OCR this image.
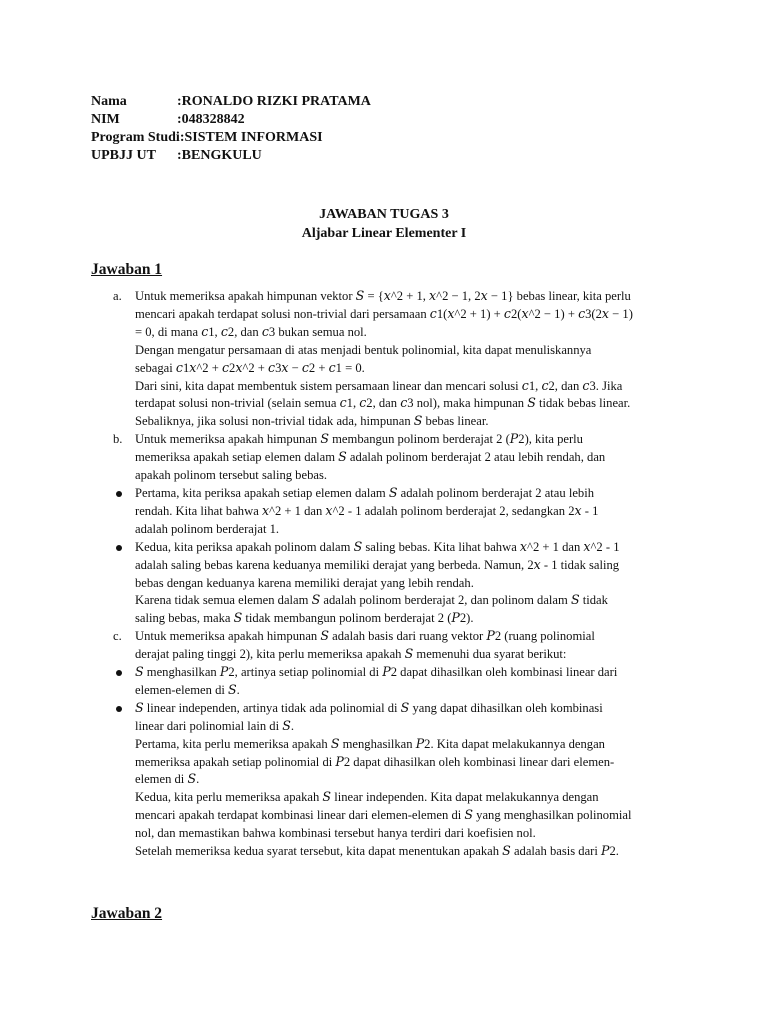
Nama	:RONALDO RIZKI PRATAMA
NIM	:048328842
Program Studi :SISTEM INFORMASI
UPBJJ UT	:BENGKULU
JAWABAN TUGAS 3
Aljabar Linear Elementer I
Jawaban 1
a.	Untuk memeriksa apakah himpunan vektor 𝑆 = {𝑥^2 + 1, 𝑥^2 − 1, 2𝑥 − 1} bebas linear, kita perlu
mencari apakah terdapat solusi non-trivial dari persamaan 𝑐1(𝑥^2 + 1) + 𝑐2(𝑥^2 − 1) + 𝑐3(2𝑥 − 1)
= 0, di mana 𝑐1, 𝑐2, dan 𝑐3 bukan semua nol.
Dengan mengatur persamaan di atas menjadi bentuk polinomial, kita dapat menuliskannya
sebagai 𝑐1𝑥^2 + 𝑐2𝑥^2 + 𝑐3𝑥 − 𝑐2 + 𝑐1 = 0.
Dari sini, kita dapat membentuk sistem persamaan linear dan mencari solusi 𝑐1, 𝑐2, dan 𝑐3. Jika
terdapat solusi non-trivial (selain semua 𝑐1, 𝑐2, dan 𝑐3 nol), maka himpunan 𝑆 tidak bebas linear.
Sebaliknya, jika solusi non-trivial tidak ada, himpunan 𝑆 bebas linear.
b. Untuk memeriksa apakah himpunan 𝑆 membangun polinom berderajat 2 (𝑃2), kita perlu
memeriksa apakah setiap elemen dalam 𝑆 adalah polinom berderajat 2 atau lebih rendah, dan
apakah polinom tersebut saling bebas.
Pertama, kita periksa apakah setiap elemen dalam 𝑆 adalah polinom berderajat 2 atau lebih
rendah. Kita lihat bahwa 𝑥^2 + 1 dan 𝑥^2 - 1 adalah polinom berderajat 2, sedangkan 2𝑥 - 1
adalah polinom berderajat 1.
Kedua, kita periksa apakah polinom dalam 𝑆 saling bebas. Kita lihat bahwa 𝑥^2 + 1 dan 𝑥^2 - 1
adalah saling bebas karena keduanya memiliki derajat yang berbeda. Namun, 2𝑥 - 1 tidak saling
bebas dengan keduanya karena memiliki derajat yang lebih rendah.
Karena tidak semua elemen dalam 𝑆 adalah polinom berderajat 2, dan polinom dalam 𝑆 tidak
saling bebas, maka 𝑆 tidak membangun polinom berderajat 2 (𝑃2).
c.	Untuk memeriksa apakah himpunan 𝑆 adalah basis dari ruang vektor 𝑃2 (ruang polinomial
derajat paling tinggi 2), kita perlu memeriksa apakah 𝑆 memenuhi dua syarat berikut:
𝑆 menghasilkan 𝑃2, artinya setiap polinomial di 𝑃2 dapat dihasilkan oleh kombinasi linear dari
elemen-elemen di 𝑆.
𝑆 linear independen, artinya tidak ada polinomial di 𝑆 yang dapat dihasilkan oleh kombinasi
linear dari polinomial lain di 𝑆.
Pertama, kita perlu memeriksa apakah 𝑆 menghasilkan 𝑃2. Kita dapat melakukannya dengan
memeriksa apakah setiap polinomial di 𝑃2 dapat dihasilkan oleh kombinasi linear dari elemen-
elemen di 𝑆.
Kedua, kita perlu memeriksa apakah 𝑆 linear independen. Kita dapat melakukannya dengan
mencari apakah terdapat kombinasi linear dari elemen-elemen di 𝑆 yang menghasilkan polinomial
nol, dan memastikan bahwa kombinasi tersebut hanya terdiri dari koefisien nol.
Setelah memeriksa kedua syarat tersebut, kita dapat menentukan apakah 𝑆 adalah basis dari 𝑃2.
Jawaban 2
